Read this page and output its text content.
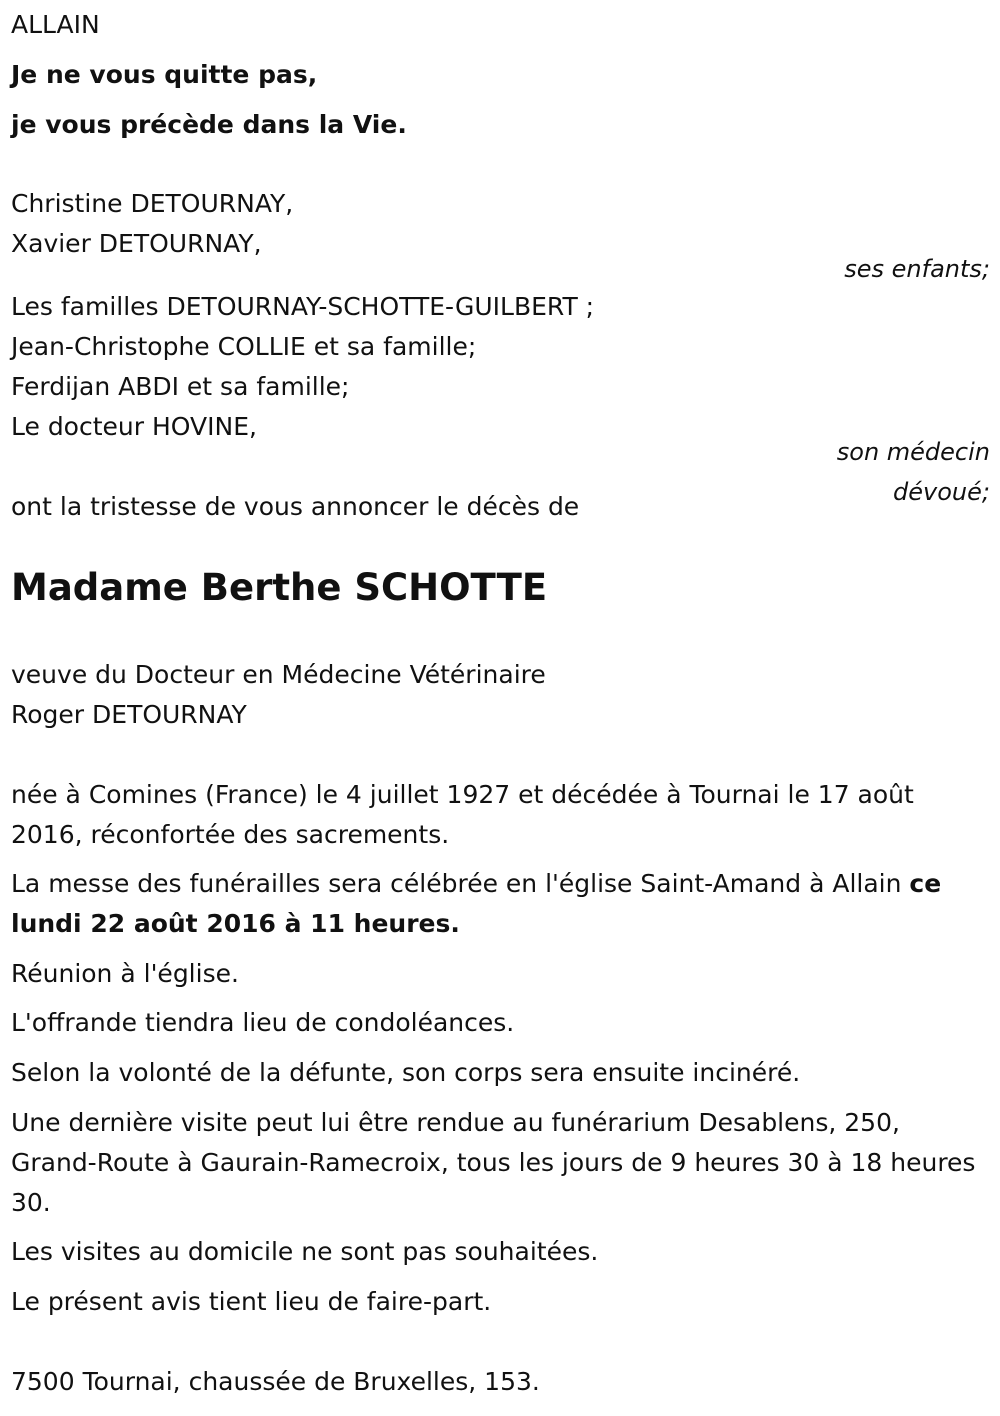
ALLAIN

Je ne vous quitte pas,

je vous précède dans la Vie.

Christine DETOURNAY,

Xavier DETOURNAY,

ses enfants;

Les familles DETOURNAY-SCHOTTE-GUILBERT ;

Jean-Christophe COLLIE et sa famille;

Ferdijan ABDI et sa famille;

Le docteur HOVINE,

son médecin

dévoué;

ont la tristesse de vous annoncer le décès de

Madame Berthe SCHOTTE

veuve du Docteur en Médecine Vétérinaire

Roger DETOURNAY

née à Comines (France) le 4 juillet 1927 et décédée à Tournai le 17 août 2016, réconfortée des sacrements.

La messe des funérailles sera célébrée en l'église Saint-Amand à Allain ce lundi 22 août 2016 à 11 heures.

Réunion à l'église.

L'offrande tiendra lieu de condoléances.

Selon la volonté de la défunte, son corps sera ensuite incinéré.

Une dernière visite peut lui être rendue au funérarium Desablens, 250, Grand-Route à Gaurain-Ramecroix, tous les jours de 9 heures 30 à 18 heures 30.

Les visites au domicile ne sont pas souhaitées.

Le présent avis tient lieu de faire-part.

7500 Tournai, chaussée de Bruxelles, 153.
